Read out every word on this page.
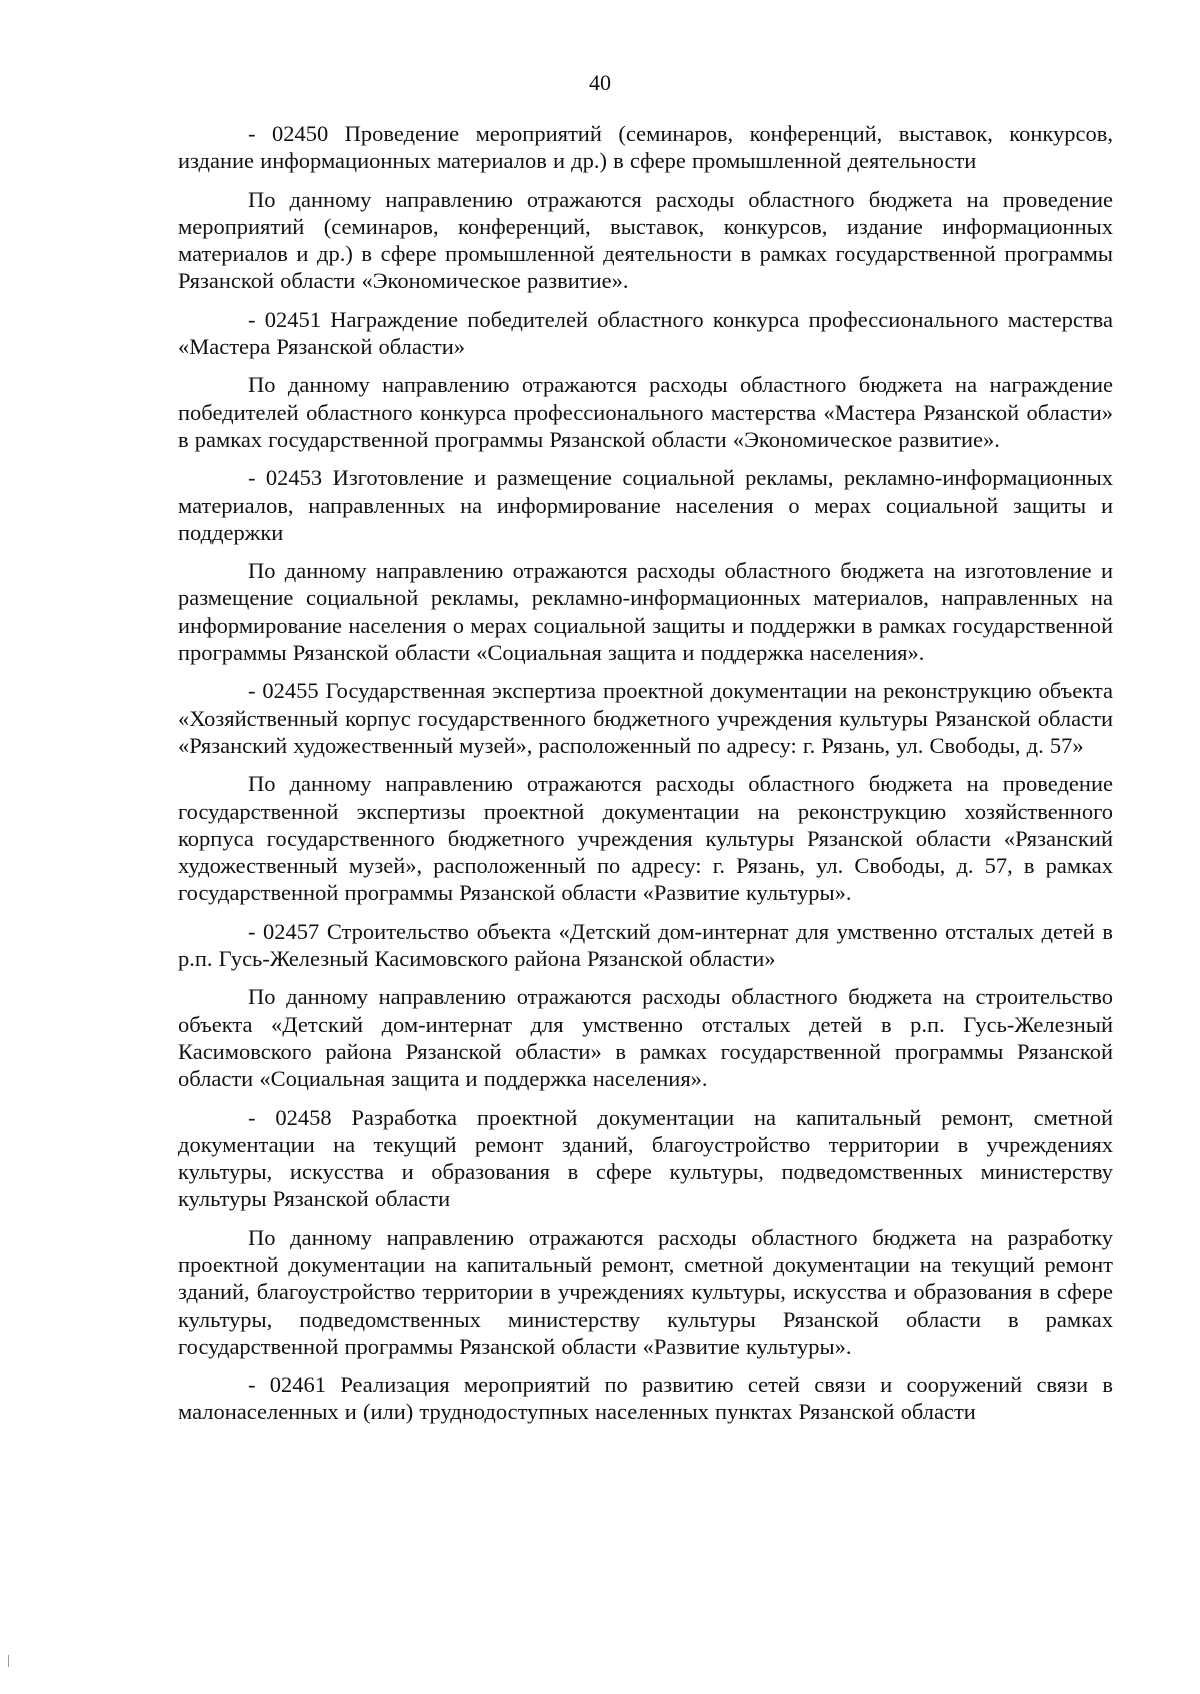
40

- 02450 Проведение мероприятий (семинаров, конференций, выставок, конкурсов, издание информационных материалов и др.) в сфере промышленной деятельности

По данному направлению отражаются расходы областного бюджета на проведение мероприятий (семинаров, конференций, выставок, конкурсов, издание информационных материалов и др.) в сфере промышленной деятельности в рамках государственной программы Рязанской области «Экономическое развитие».

- 02451 Награждение победителей областного конкурса профессионального мастерства «Мастера Рязанской области»

По данному направлению отражаются расходы областного бюджета на награждение победителей областного конкурса профессионального мастерства «Мастера Рязанской области» в рамках государственной программы Рязанской области «Экономическое развитие».

- 02453 Изготовление и размещение социальной рекламы, рекламно-информационных материалов, направленных на информирование населения о мерах социальной защиты и поддержки

По данному направлению отражаются расходы областного бюджета на изготовление и размещение социальной рекламы, рекламно-информационных материалов, направленных на информирование населения о мерах социальной защиты и поддержки в рамках государственной программы Рязанской области «Социальная защита и поддержка населения».

- 02455 Государственная экспертиза проектной документации на реконструкцию объекта «Хозяйственный корпус государственного бюджетного учреждения культуры Рязанской области «Рязанский художественный музей», расположенный по адресу: г. Рязань, ул. Свободы, д. 57»

По данному направлению отражаются расходы областного бюджета на проведение государственной экспертизы проектной документации на реконструкцию хозяйственного корпуса государственного бюджетного учреждения культуры Рязанской области «Рязанский художественный музей», расположенный по адресу: г. Рязань, ул. Свободы, д. 57, в рамках государственной программы Рязанской области «Развитие культуры».

- 02457 Строительство объекта «Детский дом-интернат для умственно отсталых детей в р.п. Гусь-Железный Касимовского района Рязанской области»

По данному направлению отражаются расходы областного бюджета на строительство объекта «Детский дом-интернат для умственно отсталых детей в р.п. Гусь-Железный Касимовского района Рязанской области» в рамках государственной программы Рязанской области «Социальная защита и поддержка населения».

- 02458 Разработка проектной документации на капитальный ремонт, сметной документации на текущий ремонт зданий, благоустройство территории в учреждениях культуры, искусства и образования в сфере культуры, подведомственных министерству культуры Рязанской области

По данному направлению отражаются расходы областного бюджета на разработку проектной документации на капитальный ремонт, сметной документации на текущий ремонт зданий, благоустройство территории в учреждениях культуры, искусства и образования в сфере культуры, подведомственных министерству культуры Рязанской области в рамках государственной программы Рязанской области «Развитие культуры».

- 02461 Реализация мероприятий по развитию сетей связи и сооружений связи в малонаселенных и (или) труднодоступных населенных пунктах Рязанской области
